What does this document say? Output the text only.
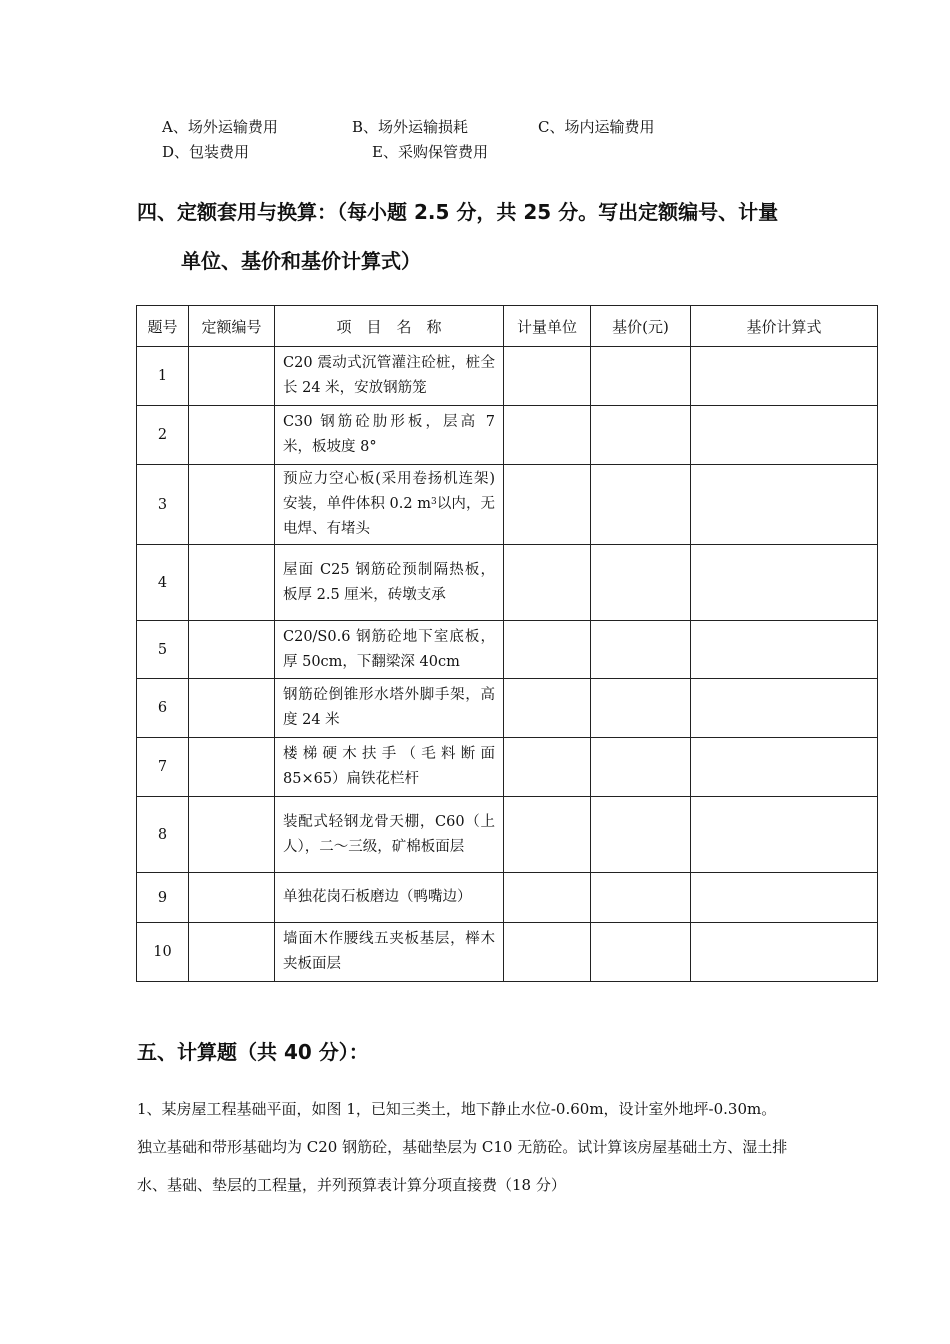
A、场外运输费用	B、场外运输损耗	C、场内运输费用
D、包装费用	E、采购保管费用
四、定额套用与换算：（每小题 2.5 分，共 25 分。写出定额编号、计量
单位、基价和基价计算式）
题号	定额编号	项　目　名　称	计量单位	基价(元)	基价计算式
1		C20 震动式沉管灌注砼桩，桩全长 24 米，安放钢筋笼			
2		C30 钢筋砼肋形板，层高 7 米，板坡度 8°			
3		预应力空心板(采用卷扬机连架)安装，单件体积 0.2 $m^3$以内，无电焊、有堵头			
4		屋面 C25 钢筋砼预制隔热板，板厚 2.5 厘米，砖墩支承			
5		C20/S0.6 钢筋砼地下室底板，厚 50cm，下翻梁深 40cm			
6		钢筋砼倒锥形水塔外脚手架，高度 24 米			
7		楼梯硬木扶手（毛料断面 85×65）扁铁花栏杆			
8		装配式轻钢龙骨天棚，C60（上人），二～三级，矿棉板面层			
9		单独花岗石板磨边（鸭嘴边）			
10		墙面木作腰线五夹板基层，榉木夹板面层			
五、计算题（共 40 分）：

1、某房屋工程基础平面，如图 1，已知三类土，地下静止水位-0.60m，设计室外地坪-0.30m。

独立基础和带形基础均为 C20 钢筋砼，基础垫层为 C10 无筋砼。试计算该房屋基础土方、湿土排

水、基础、垫层的工程量，并列预算表计算分项直接费（18 分）
